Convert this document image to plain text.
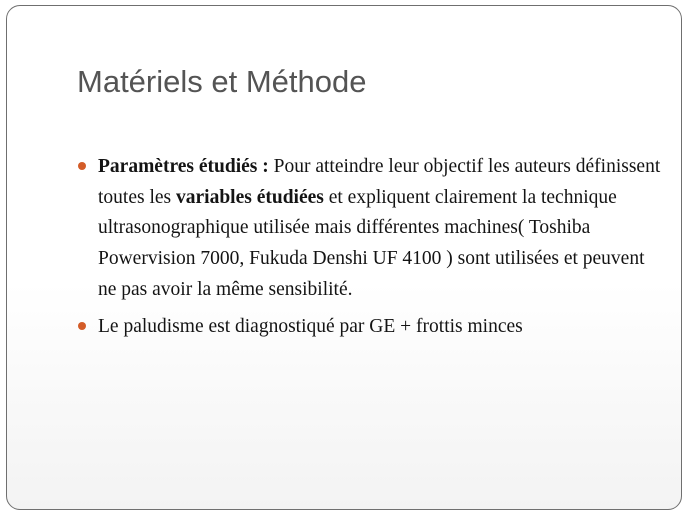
Matériels et Méthode
Paramètres étudiés : Pour atteindre leur objectif les auteurs définissent toutes les variables étudiées et expliquent clairement la technique ultrasonographique utilisée mais différentes machines( Toshiba Powervision 7000, Fukuda Denshi UF 4100 ) sont utilisées et peuvent ne pas avoir la même sensibilité.
Le paludisme est diagnostiqué par GE + frottis minces
